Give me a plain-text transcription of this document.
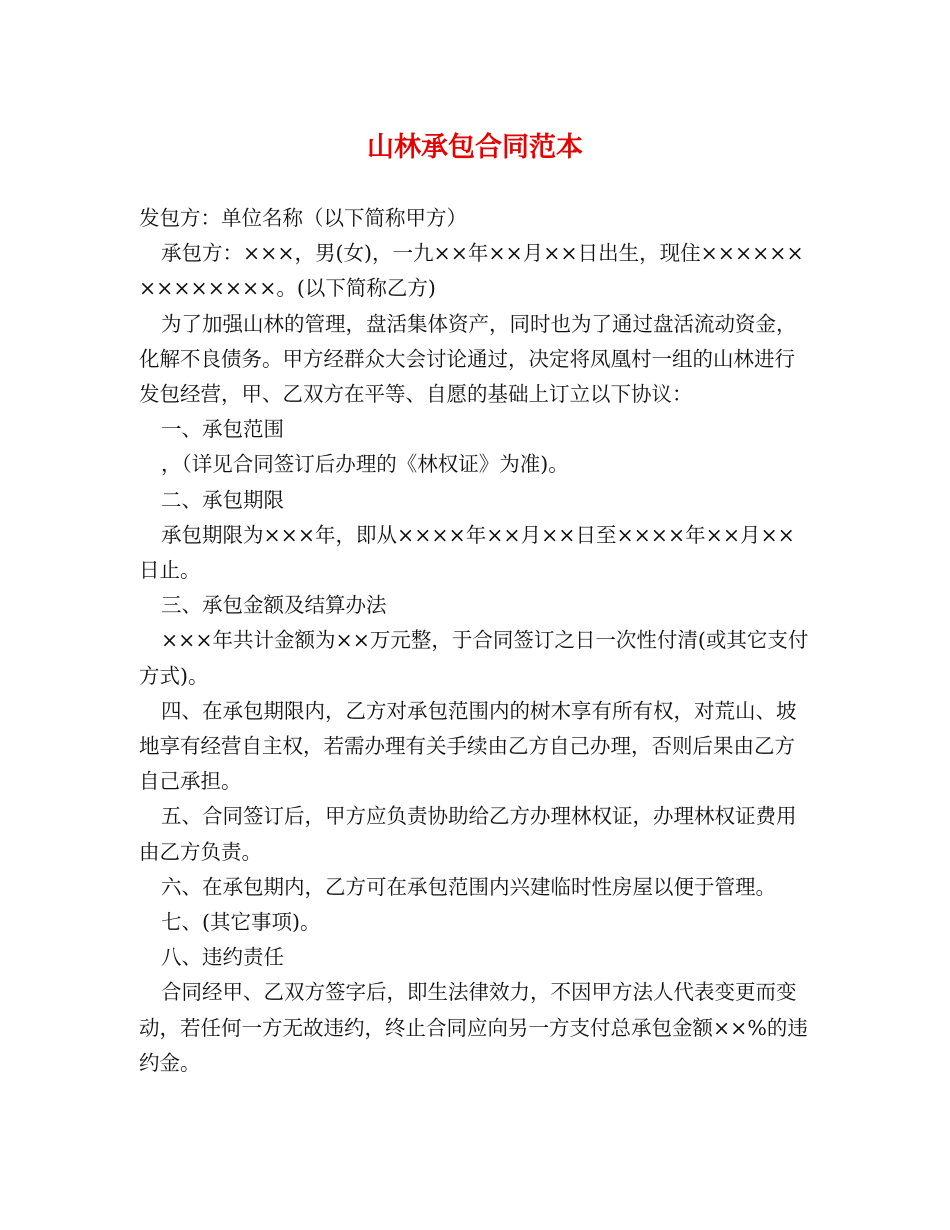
山林承包合同范本

发包方：单位名称（以下简称甲方）

承包方：×××，男(女)，一九××年××月××日出生，现住××××××××××××××。(以下简称乙方)

为了加强山林的管理，盘活集体资产，同时也为了通过盘活流动资金，化解不良债务。甲方经群众大会讨论通过，决定将凤凰村一组的山林进行发包经营，甲、乙双方在平等、自愿的基础上订立以下协议：

一、承包范围

，（详见合同签订后办理的《林权证》为准)。

二、承包期限

承包期限为×××年，即从××××年××月××日至××××年××月××日止。

三、承包金额及结算办法

×××年共计金额为××万元整，于合同签订之日一次性付清(或其它支付方式)。

四、在承包期限内，乙方对承包范围内的树木享有所有权，对荒山、坡地享有经营自主权，若需办理有关手续由乙方自己办理，否则后果由乙方自己承担。

五、合同签订后，甲方应负责协助给乙方办理林权证，办理林权证费用由乙方负责。

六、在承包期内，乙方可在承包范围内兴建临时性房屋以便于管理。

七、(其它事项)。

八、违约责任

合同经甲、乙双方签字后，即生法律效力，不因甲方法人代表变更而变动，若任何一方无故违约，终止合同应向另一方支付总承包金额××%的违约金。
